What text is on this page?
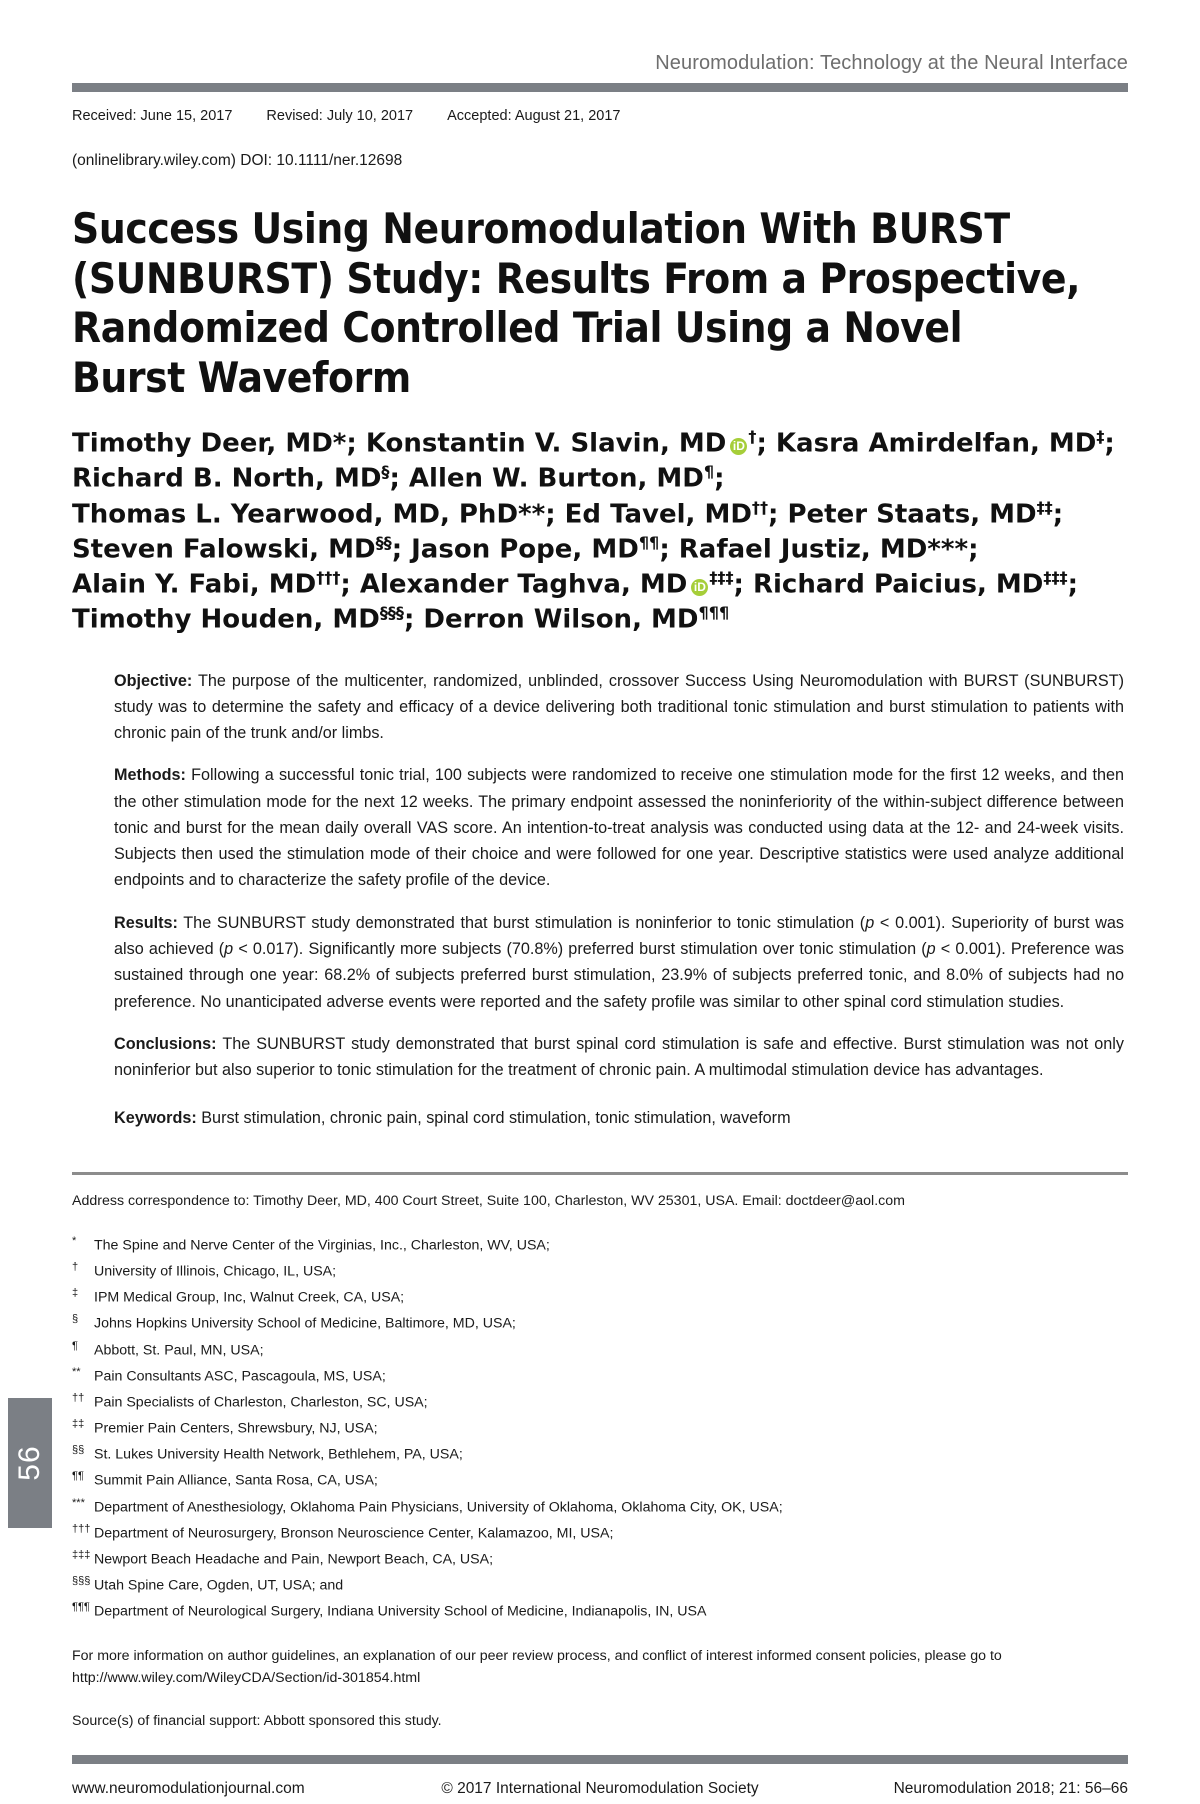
56
Neuromodulation: Technology at the Neural Interface
Received: June 15, 2017 Revised: July 10, 2017 Accepted: August 21, 2017
(onlinelibrary.wiley.com) DOI: 10.1111/ner.12698
Success Using Neuromodulation With BURST
(SUNBURST) Study: Results From a Prospective,
Randomized Controlled Trial Using a Novel
Burst Waveform
Timothy Deer, MD*; Konstantin V. Slavin, MD iD †; Kasra Amirdelfan, MD‡;
Richard B. North, MD§; Allen W. Burton, MD¶;
Thomas L. Yearwood, MD, PhD**; Ed Tavel, MD††; Peter Staats, MD‡‡;
Steven Falowski, MD§§; Jason Pope, MD¶¶; Rafael Justiz, MD***;
Alain Y. Fabi, MD†††; Alexander Taghva, MD iD ‡‡‡; Richard Paicius, MD‡‡‡;
Timothy Houden, MD§§§; Derron Wilson, MD¶¶¶

Objective: The purpose of the multicenter, randomized, unblinded, crossover Success Using Neuromodulation with BURST (SUNBURST) study was to determine the safety and efficacy of a device delivering both traditional tonic stimulation and burst stimulation to patients with chronic pain of the trunk and/or limbs.

Methods: Following a successful tonic trial, 100 subjects were randomized to receive one stimulation mode for the first 12 weeks, and then the other stimulation mode for the next 12 weeks. The primary endpoint assessed the noninferiority of the within-subject difference between tonic and burst for the mean daily overall VAS score. An intention-to-treat analysis was conducted using data at the 12- and 24-week visits. Subjects then used the stimulation mode of their choice and were followed for one year. Descriptive statistics were used analyze additional endpoints and to characterize the safety profile of the device.

Results: The SUNBURST study demonstrated that burst stimulation is noninferior to tonic stimulation (p < 0.001). Superiority of burst was also achieved (p < 0.017). Significantly more subjects (70.8%) preferred burst stimulation over tonic stimulation (p < 0.001). Preference was sustained through one year: 68.2% of subjects preferred burst stimulation, 23.9% of subjects preferred tonic, and 8.0% of subjects had no preference. No unanticipated adverse events were reported and the safety profile was similar to other spinal cord stimulation studies.

Conclusions: The SUNBURST study demonstrated that burst spinal cord stimulation is safe and effective. Burst stimulation was not only noninferior but also superior to tonic stimulation for the treatment of chronic pain. A multimodal stimulation device has advantages.

Keywords: Burst stimulation, chronic pain, spinal cord stimulation, tonic stimulation, waveform

Address correspondence to: Timothy Deer, MD, 400 Court Street, Suite 100, Charleston, WV 25301, USA. Email: doctdeer@aol.com
* The Spine and Nerve Center of the Virginias, Inc., Charleston, WV, USA;
† University of Illinois, Chicago, IL, USA;
‡ IPM Medical Group, Inc, Walnut Creek, CA, USA;
§ Johns Hopkins University School of Medicine, Baltimore, MD, USA;
¶ Abbott, St. Paul, MN, USA;
** Pain Consultants ASC, Pascagoula, MS, USA;
†† Pain Specialists of Charleston, Charleston, SC, USA;
‡‡ Premier Pain Centers, Shrewsbury, NJ, USA;
§§ St. Lukes University Health Network, Bethlehem, PA, USA;
¶¶ Summit Pain Alliance, Santa Rosa, CA, USA;
*** Department of Anesthesiology, Oklahoma Pain Physicians, University of Oklahoma, Oklahoma City, OK, USA;
††† Department of Neurosurgery, Bronson Neuroscience Center, Kalamazoo, MI, USA;
‡‡‡ Newport Beach Headache and Pain, Newport Beach, CA, USA;
§§§ Utah Spine Care, Ogden, UT, USA; and
¶¶¶ Department of Neurological Surgery, Indiana University School of Medicine, Indianapolis, IN, USA
For more information on author guidelines, an explanation of our peer review process, and conflict of interest informed consent policies, please go to http://www.wiley.com/WileyCDA/Section/id-301854.html
Source(s) of financial support: Abbott sponsored this study.
www.neuromodulationjournal.com	© 2017 International Neuromodulation Society	Neuromodulation 2018; 21: 56–66
